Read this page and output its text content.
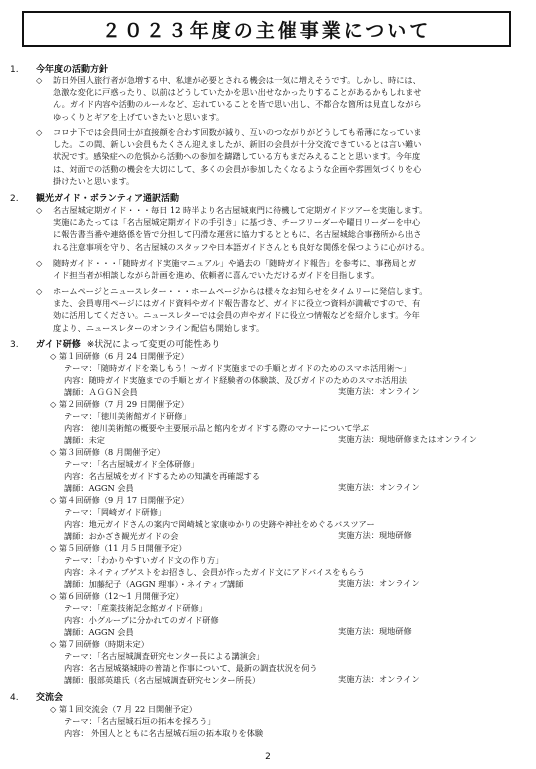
２０２３年度の主催事業について
1. 今年度の活動方針
◇ 訪日外国人旅行者が急増する中、私達が必要とされる機会は一気に増えそうです。しかし、時には、
急激な変化に戸惑ったり、以前はどうしていたかを思い出せなかったりすることがあるかもしれませ
ん。ガイド内容や活動のルールなど、忘れていることを皆で思い出し、不都合な箇所は見直しながら
ゆっくりとギアを上げていきたいと思います。
◇ コロナ下では会員同士が直接顔を合わす回数が減り、互いのつながりがどうしても希薄になっていま
した。この間、新しい会員もたくさん迎えましたが、新旧の会員が十分交流できているとは言い難い
状況です。感染症への危惧から活動への参加を躊躇している方もまだみえることと思います。今年度
は、対面での活動の機会を大切にして、多くの会員が参加したくなるような企画や雰囲気づくりを心
掛けたいと思います。
2. 観光ガイド・ボランティア通訳活動
◇ 名古屋城定期ガイド・・・毎日 12 時半より名古屋城東門に待機して定期ガイドツアーを実施します。
実施にあたっては「名古屋城定期ガイドの手引き」に基づき、チーフリーダーや曜日リーダーを中心
に報告書当番や連絡係を皆で分担して円滑な運営に協力するとともに、名古屋城総合事務所から出さ
れる注意事項を守り、名古屋城のスタッフや日本語ガイドさんとも良好な関係を保つように心がける。
◇ 随時ガイド・・・「随時ガイド実施マニュアル」や過去の「随時ガイド報告」を参考に、事務局とガ
イド担当者が相談しながら計画を進め、依頼者に喜んでいただけるガイドを目指します。
◇ ホームページとニュースレター・・・ホームページからは様々なお知らせをタイムリーに発信します。
また、会員専用ページにはガイド資料やガイド報告書など、ガイドに役立つ資料が満載ですので、有
効に活用してください。ニュースレターでは会員の声やガイドに役立つ情報などを紹介します。今年
度より、ニュースレターのオンライン配信も開始します。
3. ガイド研修 ※状況によって変更の可能性あり
◇ 第１回研修（6 月 24 日開催予定）
テーマ：「随時ガイドを楽しもう！～ガイド実施までの手順とガイドのためのスマホ活用術～」
内容：随時ガイド実施までの手順とガイド経験者の体験談、及びガイドのためのスマホ活用法
講師：ＡＧＧＮ会員	実施方法：オンライン
◇ 第２回研修（7 月 29 日開催予定）
テーマ：「徳川美術館ガイド研修」
内容： 徳川美術館の概要や主要展示品と館内をガイドする際のマナーについて学ぶ
講師：未定	実施方法：現地研修またはオンライン
◇ 第３回研修（8 月開催予定）
テーマ：「名古屋城ガイド全体研修」
内容：名古屋城をガイドするための知識を再確認する
講師：AGGN 会員	実施方法：オンライン
◇ 第４回研修（9 月 17 日開催予定）
テーマ：「岡崎ガイド研修」
内容：地元ガイドさんの案内で岡崎城と家康ゆかりの史跡や神社をめぐるバスツアー
講師：おかざき観光ガイドの会	実施方法：現地研修
◇ 第５回研修（11 月５日開催予定）
テーマ：「わかりやすいガイド文の作り方」
内容：ネイティブゲストをお招きし、会員が作ったガイド文にアドバイスをもらう
講師：加藤紀子（AGGN 理事）・ネイティブ講師	実施方法：オンライン
◇ 第６回研修（12～1 月開催予定）
テーマ：「産業技術記念館ガイド研修」
内容：小グループに分かれてのガイド研修
講師：AGGN 会員	実施方法：現地研修
◇ 第７回研修（時期未定）
テーマ：「名古屋城調査研究センター長による講演会」
内容：名古屋城築城時の普請と作事について、最新の調査状況を伺う
講師：服部英雄氏（名古屋城調査研究センター所長）	実施方法：オンライン
4. 交流会
◇ 第１回交流会（7 月 22 日開催予定）
テーマ：「名古屋城石垣の拓本を採ろう」
内容： 外国人とともに名古屋城石垣の拓本取りを体験
2
